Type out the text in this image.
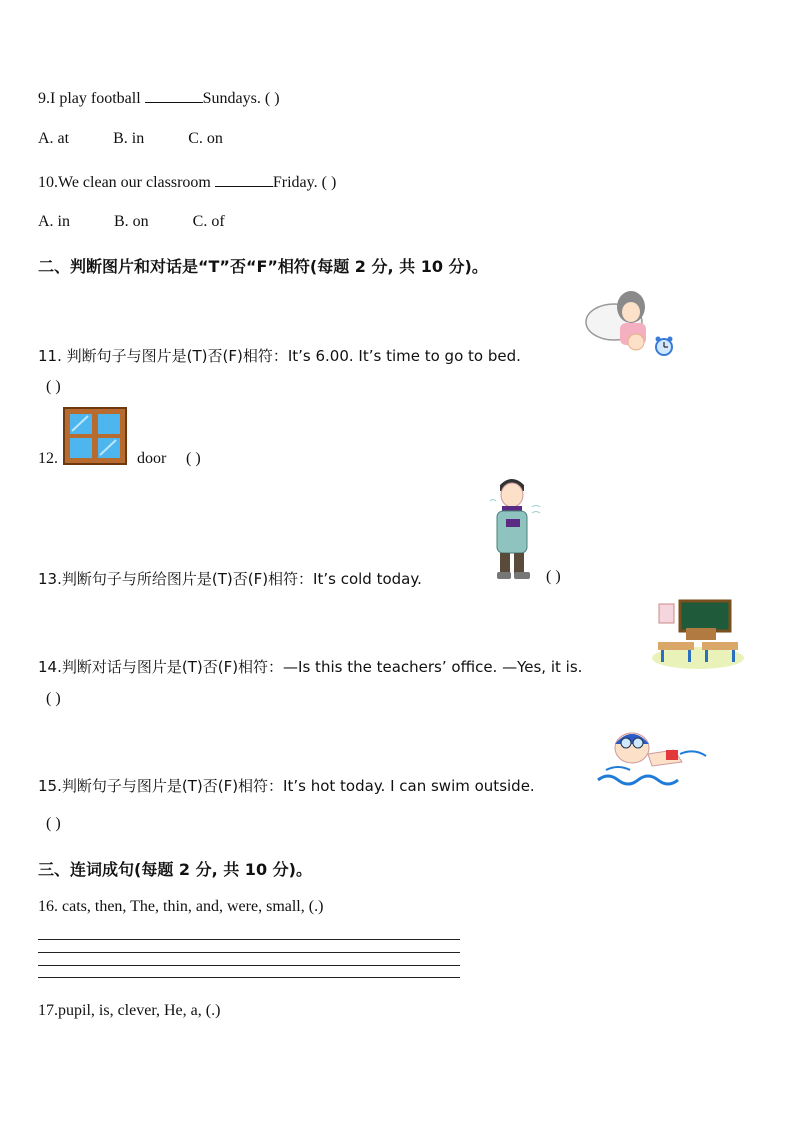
9.I play football	Sundays. ( )
A. at	B. in	C. on
10.We clean our classroom	Friday. ( )
A. in	B. on	C. of
二、判断图片和对话是“T”否“F”相符(每题 2 分, 共 10 分)。
11. 判断句子与图片是(T)否(F)相符：It’s 6.00. It’s time to go to bed.
( )
12.	door ( )
13.判断句子与所给图片是(T)否(F)相符：It’s cold today.	( )
14.判断对话与图片是(T)否(F)相符：—Is this the teachers’ office. —Yes, it is.
( )
15.判断句子与图片是(T)否(F)相符：It’s hot today. I can swim outside.
( )
三、连词成句(每题 2 分, 共 10 分)。
16. cats, then, The, thin, and, were, small, (.)
17.pupil, is, clever, He, a, (.)
